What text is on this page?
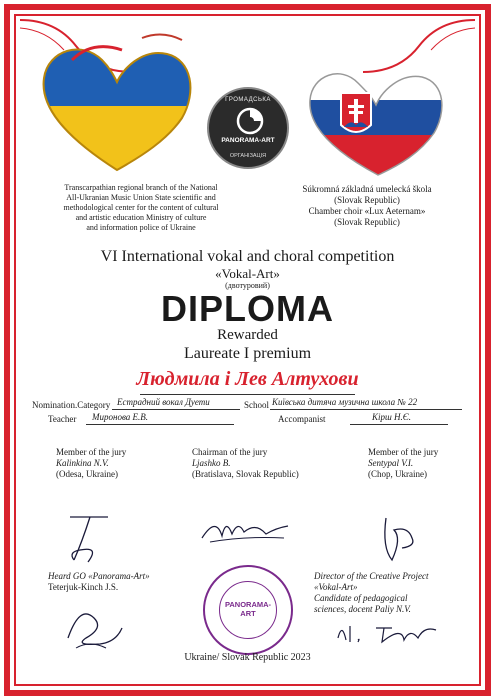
ГРОМАДСЬКА
PANORAMA-ART
ОРГАНІЗАЦІЯ
Transcarpathian regional branch of the National
All-Ukranian Music Union State scientific and
methodological center for the content of cultural
and artistic education Ministry of culture
and information police of Ukraine
Súkromná základná umelecká škola
(Slovak Republic)
Chamber choir «Lux Aeternam»
(Slovak Republic)
VI International vokal and choral competition
«Vokal-Art»
(двотуровий)
DIPLOMA
Rewarded
Laureate I premium
Людмила і Лев Алтухови
Nomination.Category Естрадний вокал Дуети	School Київська дитяча музична школа № 22
Teacher Миронова Е.В.	Accompanist	Кірш Н.Є.
Member of the jury
Kalinkina N.V.
(Odesa, Ukraine)
Chairman of the jury
Ljashko B.
(Bratislava, Slovak Republic)
Member of the jury
Sentypal V.I.
(Chop, Ukraine)
Heard GO «Panorama-Art»
Teterjuk-Kinch J.S.
PANORAMA-
ART
Director of the Creative Project
«Vokal-Art»
Candidate of pedagogical
sciences, docent Paliy N.V.
Ukraine/ Slovak Republic 2023
